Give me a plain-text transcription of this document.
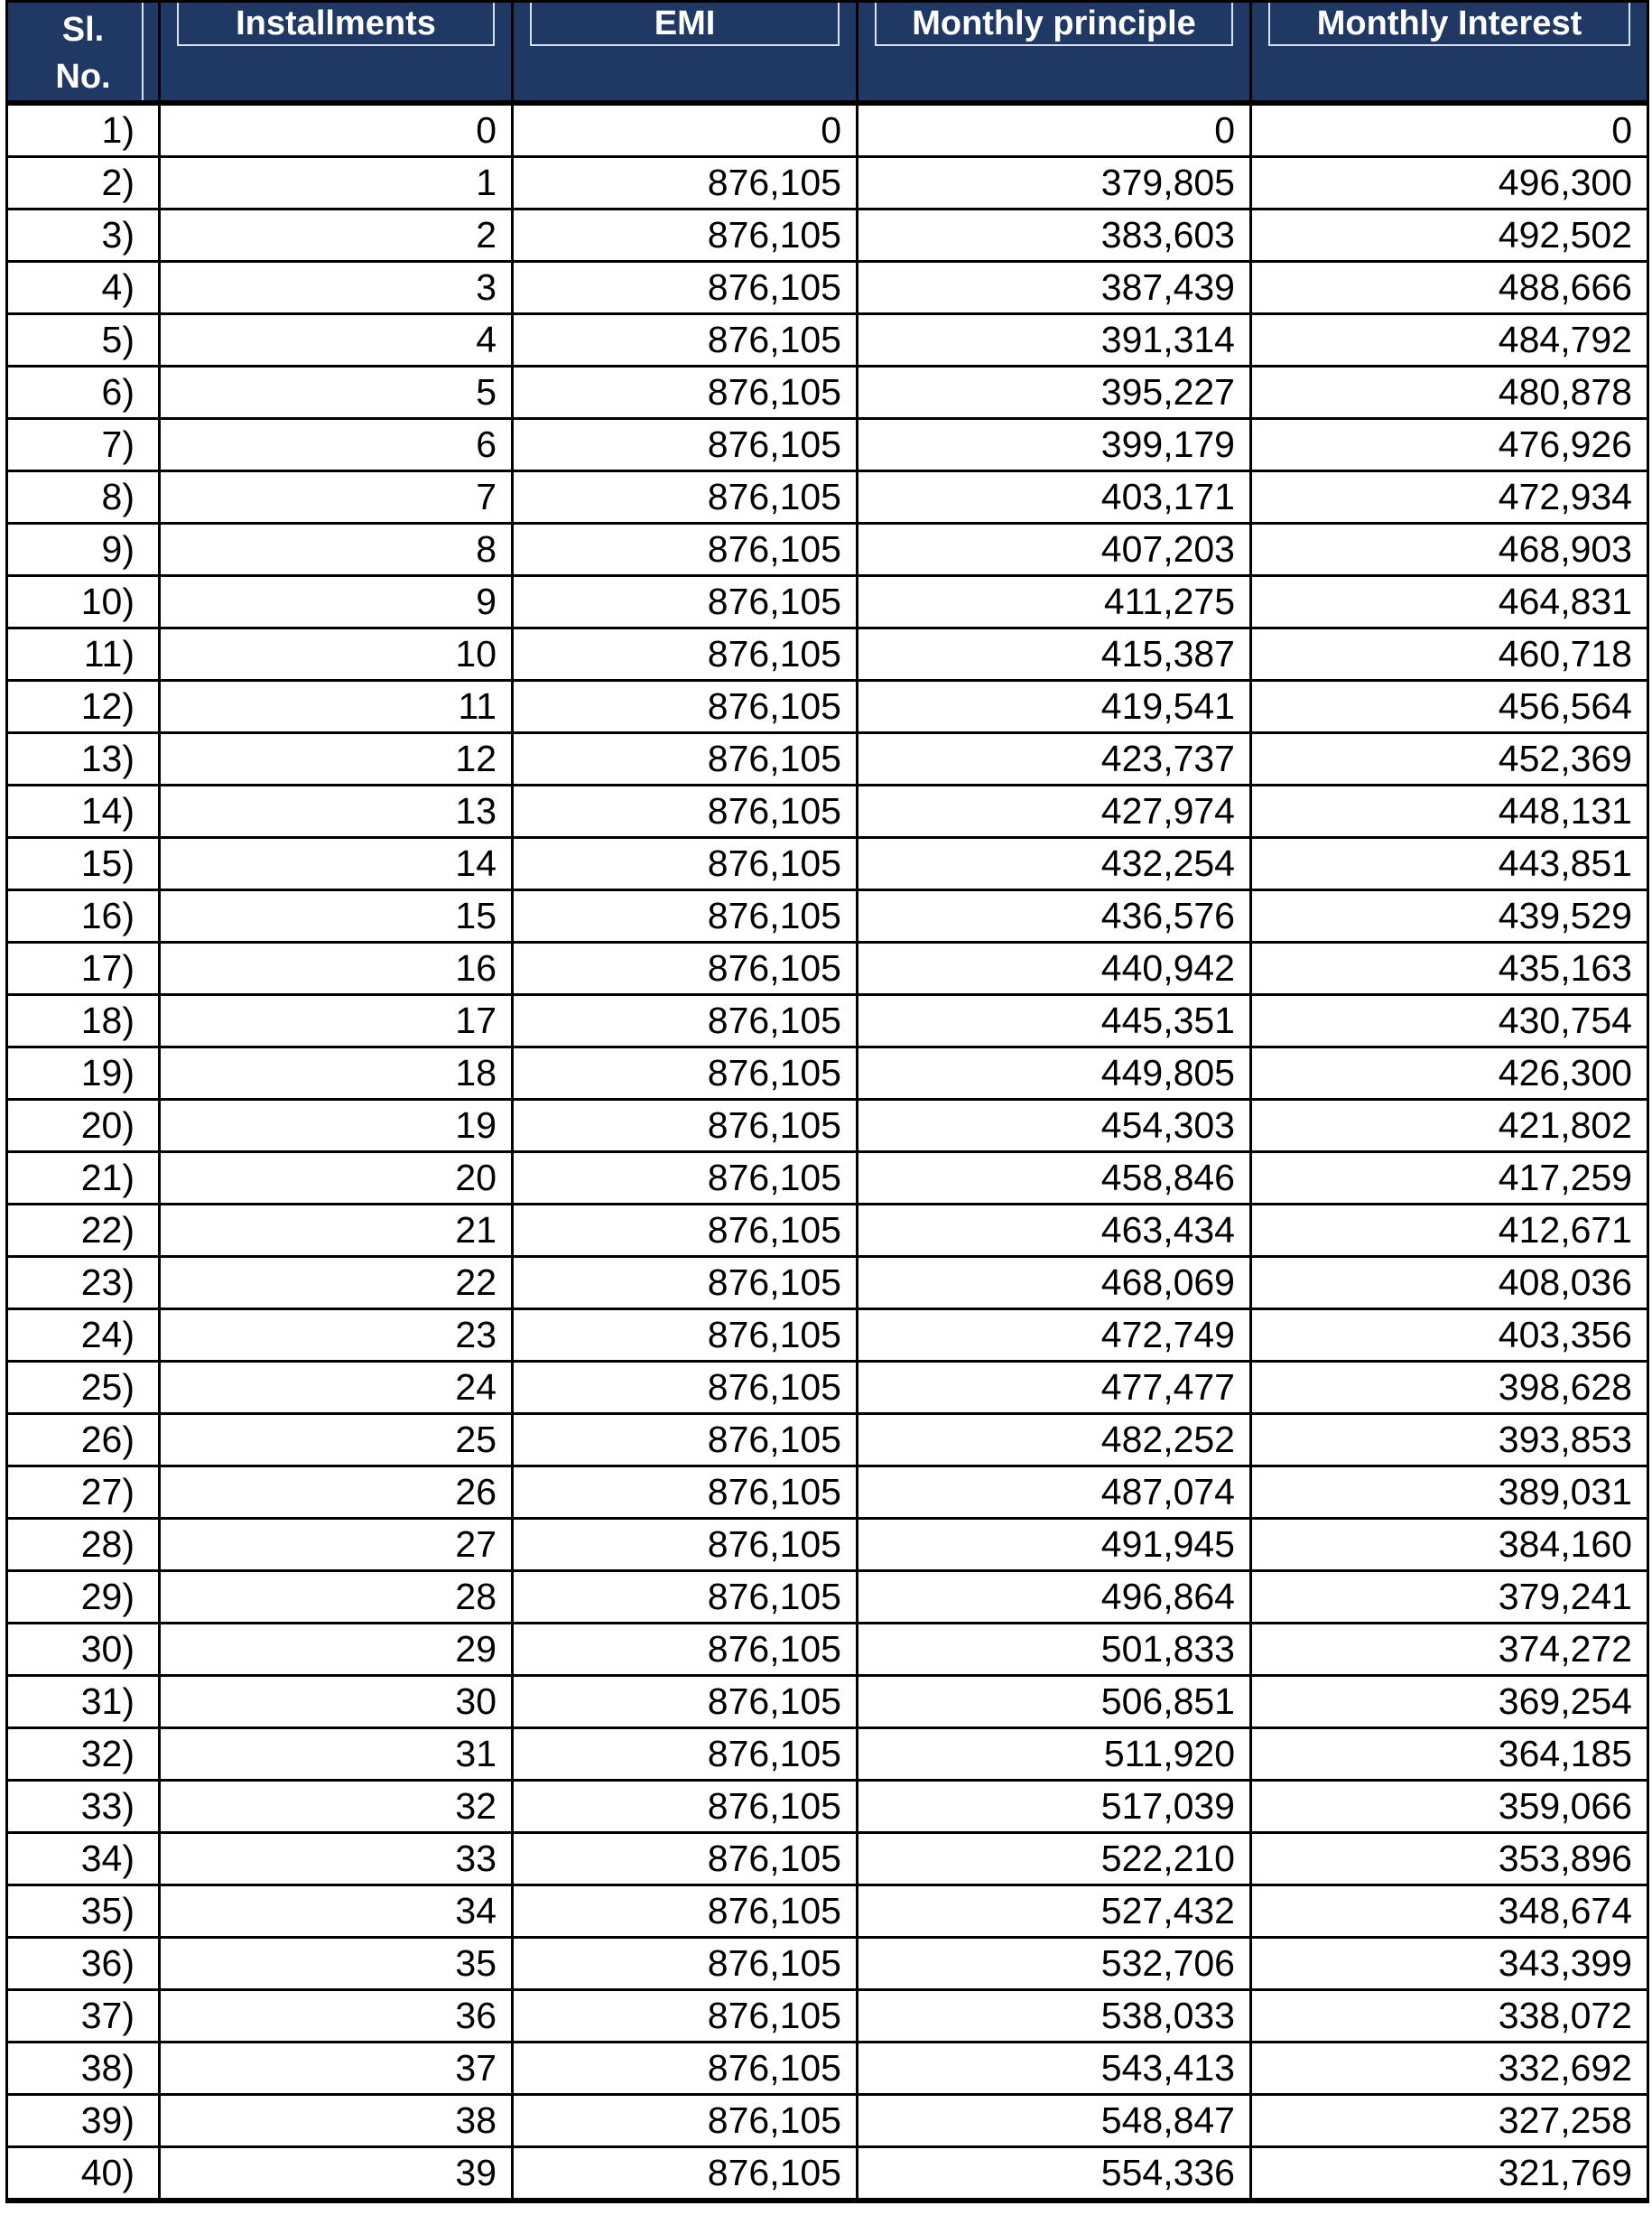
Sl.
No.	Installments	EMI	Monthly principle	Monthly Interest

1)	0	0	0	0
2)	1	876,105	379,805	496,300
3)	2	876,105	383,603	492,502
4)	3	876,105	387,439	488,666
5)	4	876,105	391,314	484,792
6)	5	876,105	395,227	480,878
7)	6	876,105	399,179	476,926
8)	7	876,105	403,171	472,934
9)	8	876,105	407,203	468,903
10)	9	876,105	411,275	464,831
11)	10	876,105	415,387	460,718
12)	11	876,105	419,541	456,564
13)	12	876,105	423,737	452,369
14)	13	876,105	427,974	448,131
15)	14	876,105	432,254	443,851
16)	15	876,105	436,576	439,529
17)	16	876,105	440,942	435,163
18)	17	876,105	445,351	430,754
19)	18	876,105	449,805	426,300
20)	19	876,105	454,303	421,802
21)	20	876,105	458,846	417,259
22)	21	876,105	463,434	412,671
23)	22	876,105	468,069	408,036
24)	23	876,105	472,749	403,356
25)	24	876,105	477,477	398,628
26)	25	876,105	482,252	393,853
27)	26	876,105	487,074	389,031
28)	27	876,105	491,945	384,160
29)	28	876,105	496,864	379,241
30)	29	876,105	501,833	374,272
31)	30	876,105	506,851	369,254
32)	31	876,105	511,920	364,185
33)	32	876,105	517,039	359,066
34)	33	876,105	522,210	353,896
35)	34	876,105	527,432	348,674
36)	35	876,105	532,706	343,399
37)	36	876,105	538,033	338,072
38)	37	876,105	543,413	332,692
39)	38	876,105	548,847	327,258
40)	39	876,105	554,336	321,769
